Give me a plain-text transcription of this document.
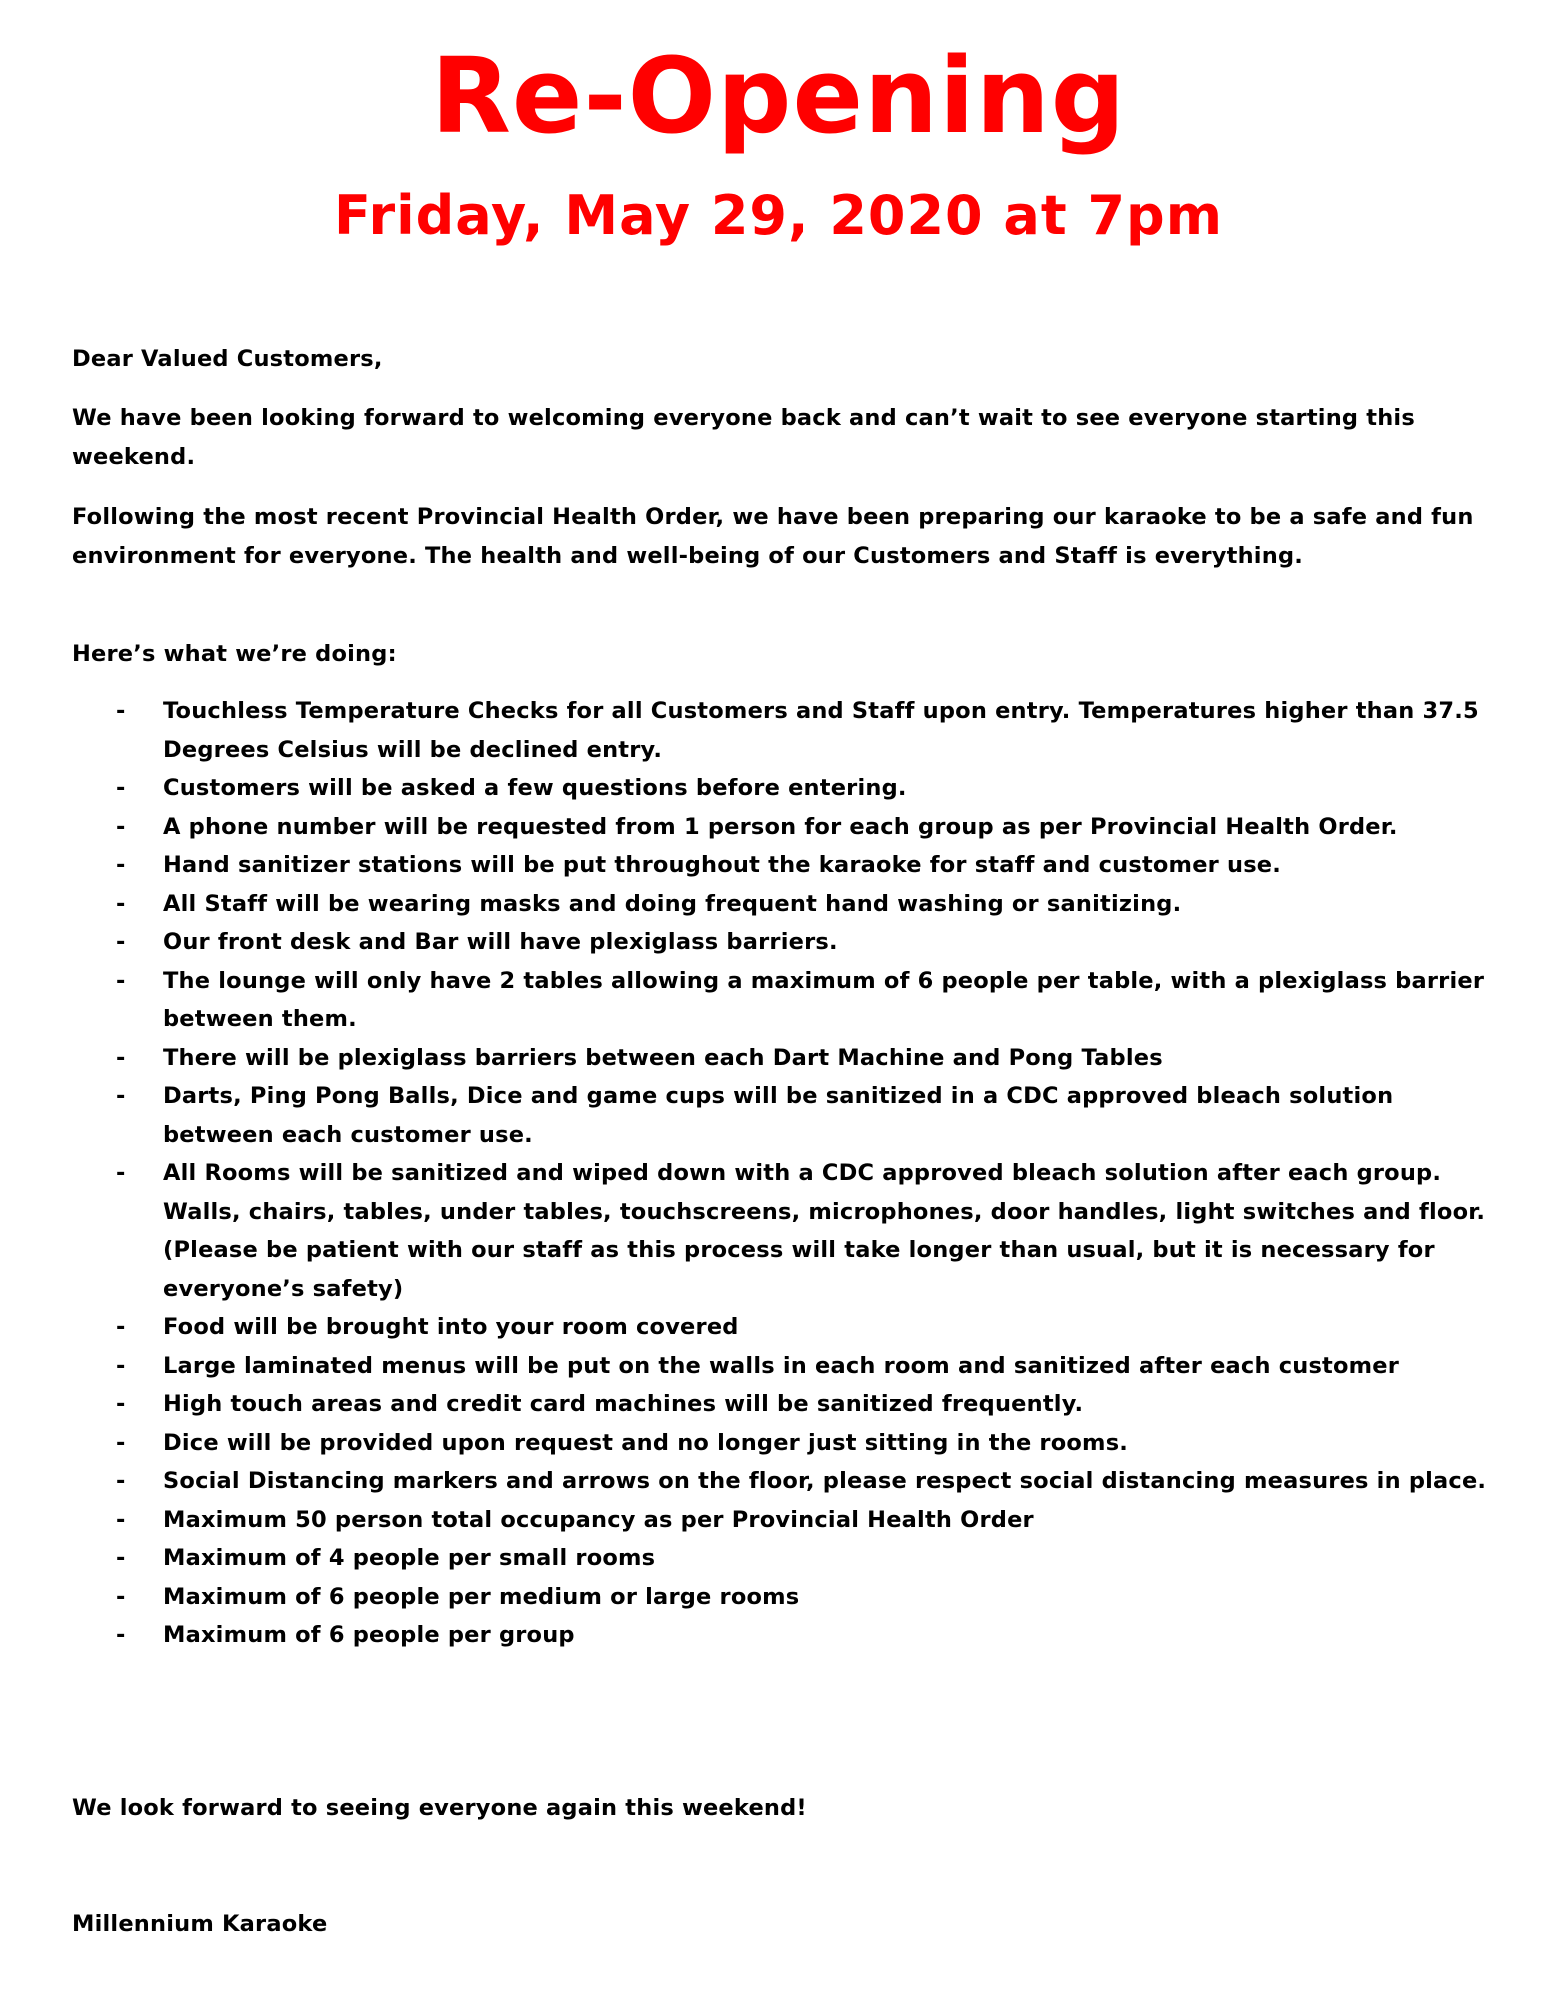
Re-Opening
Friday, May 29, 2020 at 7pm
Dear Valued Customers,
We have been looking forward to welcoming everyone back and can’t wait to see everyone starting this weekend.
Following the most recent Provincial Health Order, we have been preparing our karaoke to be a safe and fun environment for everyone. The health and well-being of our Customers and Staff is everything.
Here’s what we’re doing:
-	Touchless Temperature Checks for all Customers and Staff upon entry. Temperatures higher than 37.5 Degrees Celsius will be declined entry.
-	Customers will be asked a few questions before entering.
-	A phone number will be requested from 1 person for each group as per Provincial Health Order.
-	Hand sanitizer stations will be put throughout the karaoke for staff and customer use.
-	All Staff will be wearing masks and doing frequent hand washing or sanitizing.
-	Our front desk and Bar will have plexiglass barriers.
-	The lounge will only have 2 tables allowing a maximum of 6 people per table, with a plexiglass barrier between them.
-	There will be plexiglass barriers between each Dart Machine and Pong Tables
-	Darts, Ping Pong Balls, Dice and game cups will be sanitized in a CDC approved bleach solution between each customer use.
-	All Rooms will be sanitized and wiped down with a CDC approved bleach solution after each group. Walls, chairs, tables, under tables, touchscreens, microphones, door handles, light switches and floor. (Please be patient with our staff as this process will take longer than usual, but it is necessary for everyone’s safety)
-	Food will be brought into your room covered
-	Large laminated menus will be put on the walls in each room and sanitized after each customer
-	High touch areas and credit card machines will be sanitized frequently.
-	Dice will be provided upon request and no longer just sitting in the rooms.
-	Social Distancing markers and arrows on the floor, please respect social distancing measures in place.
-	Maximum 50 person total occupancy as per Provincial Health Order
-	Maximum of 4 people per small rooms
-	Maximum of 6 people per medium or large rooms
-	Maximum of 6 people per group
We look forward to seeing everyone again this weekend!
Millennium Karaoke
